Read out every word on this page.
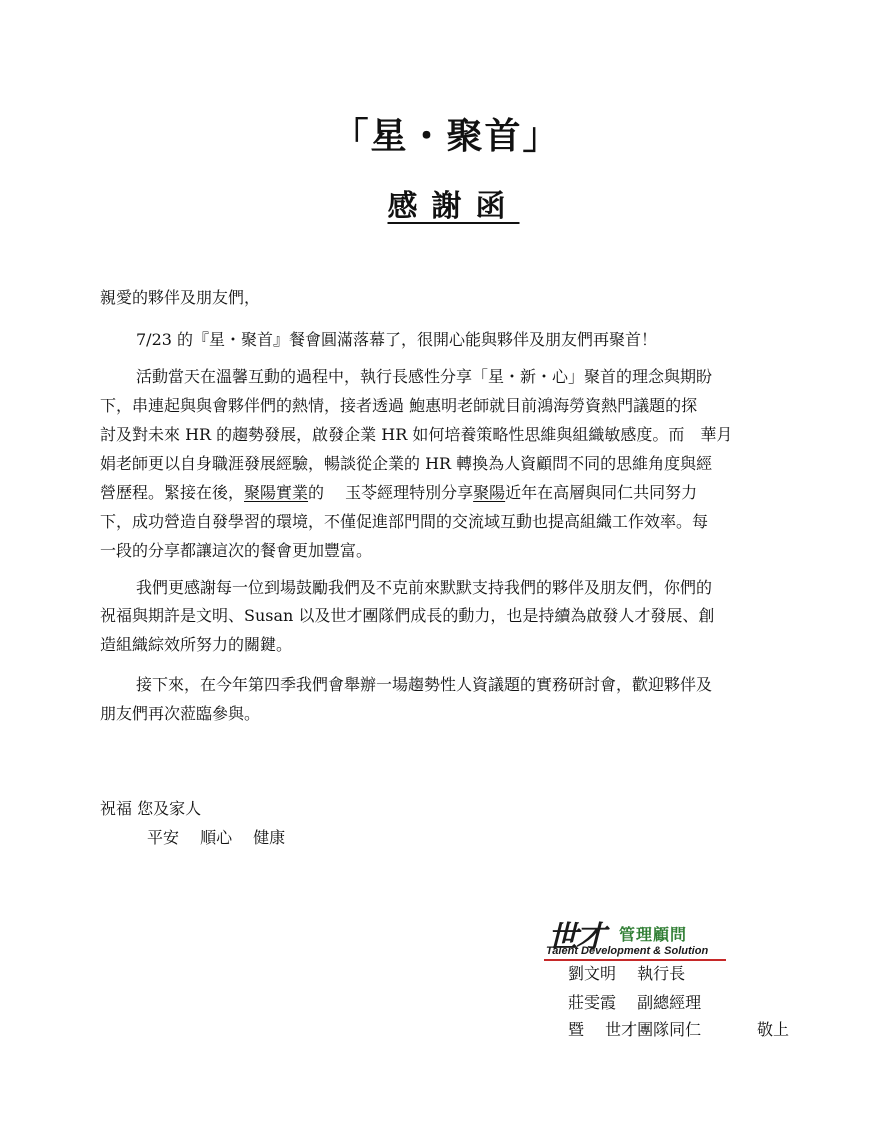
「星・聚首」
感謝函
親愛的夥伴及朋友們，
7/23 的『星・聚首』餐會圓滿落幕了，很開心能與夥伴及朋友們再聚首！
活動當天在溫馨互動的過程中，執行長感性分享「星・新・心」聚首的理念與期盼
下，串連起與與會夥伴們的熱情，接者透過 鮑惠明老師就目前鴻海勞資熱門議題的探
討及對未來 HR 的趨勢發展，啟發企業 HR 如何培養策略性思維與組織敏感度。而　華月
娟老師更以自身職涯發展經驗，暢談從企業的 HR 轉換為人資顧問不同的思維角度與經
營歷程。緊接在後，聚陽實業的　 玉苓經理特別分享聚陽近年在高層與同仁共同努力
下，成功營造自發學習的環境，不僅促進部門間的交流域互動也提高組織工作效率。每
一段的分享都讓這次的餐會更加豐富。
我們更感謝每一位到場鼓勵我們及不克前來默默支持我們的夥伴及朋友們，你們的
祝福與期許是文明、Susan 以及世才團隊們成長的動力，也是持續為啟發人才發展、創
造組織綜效所努力的關鍵。
接下來，在今年第四季我們會舉辦一場趨勢性人資議題的實務研討會，歡迎夥伴及
朋友們再次蒞臨參與。
祝福 您及家人
平安　 順心　 健康
世才 管理顧問
Talent Development & Solution
劉文明　 執行長
莊雯霞　 副總經理
暨　 世才團隊同仁	敬上
